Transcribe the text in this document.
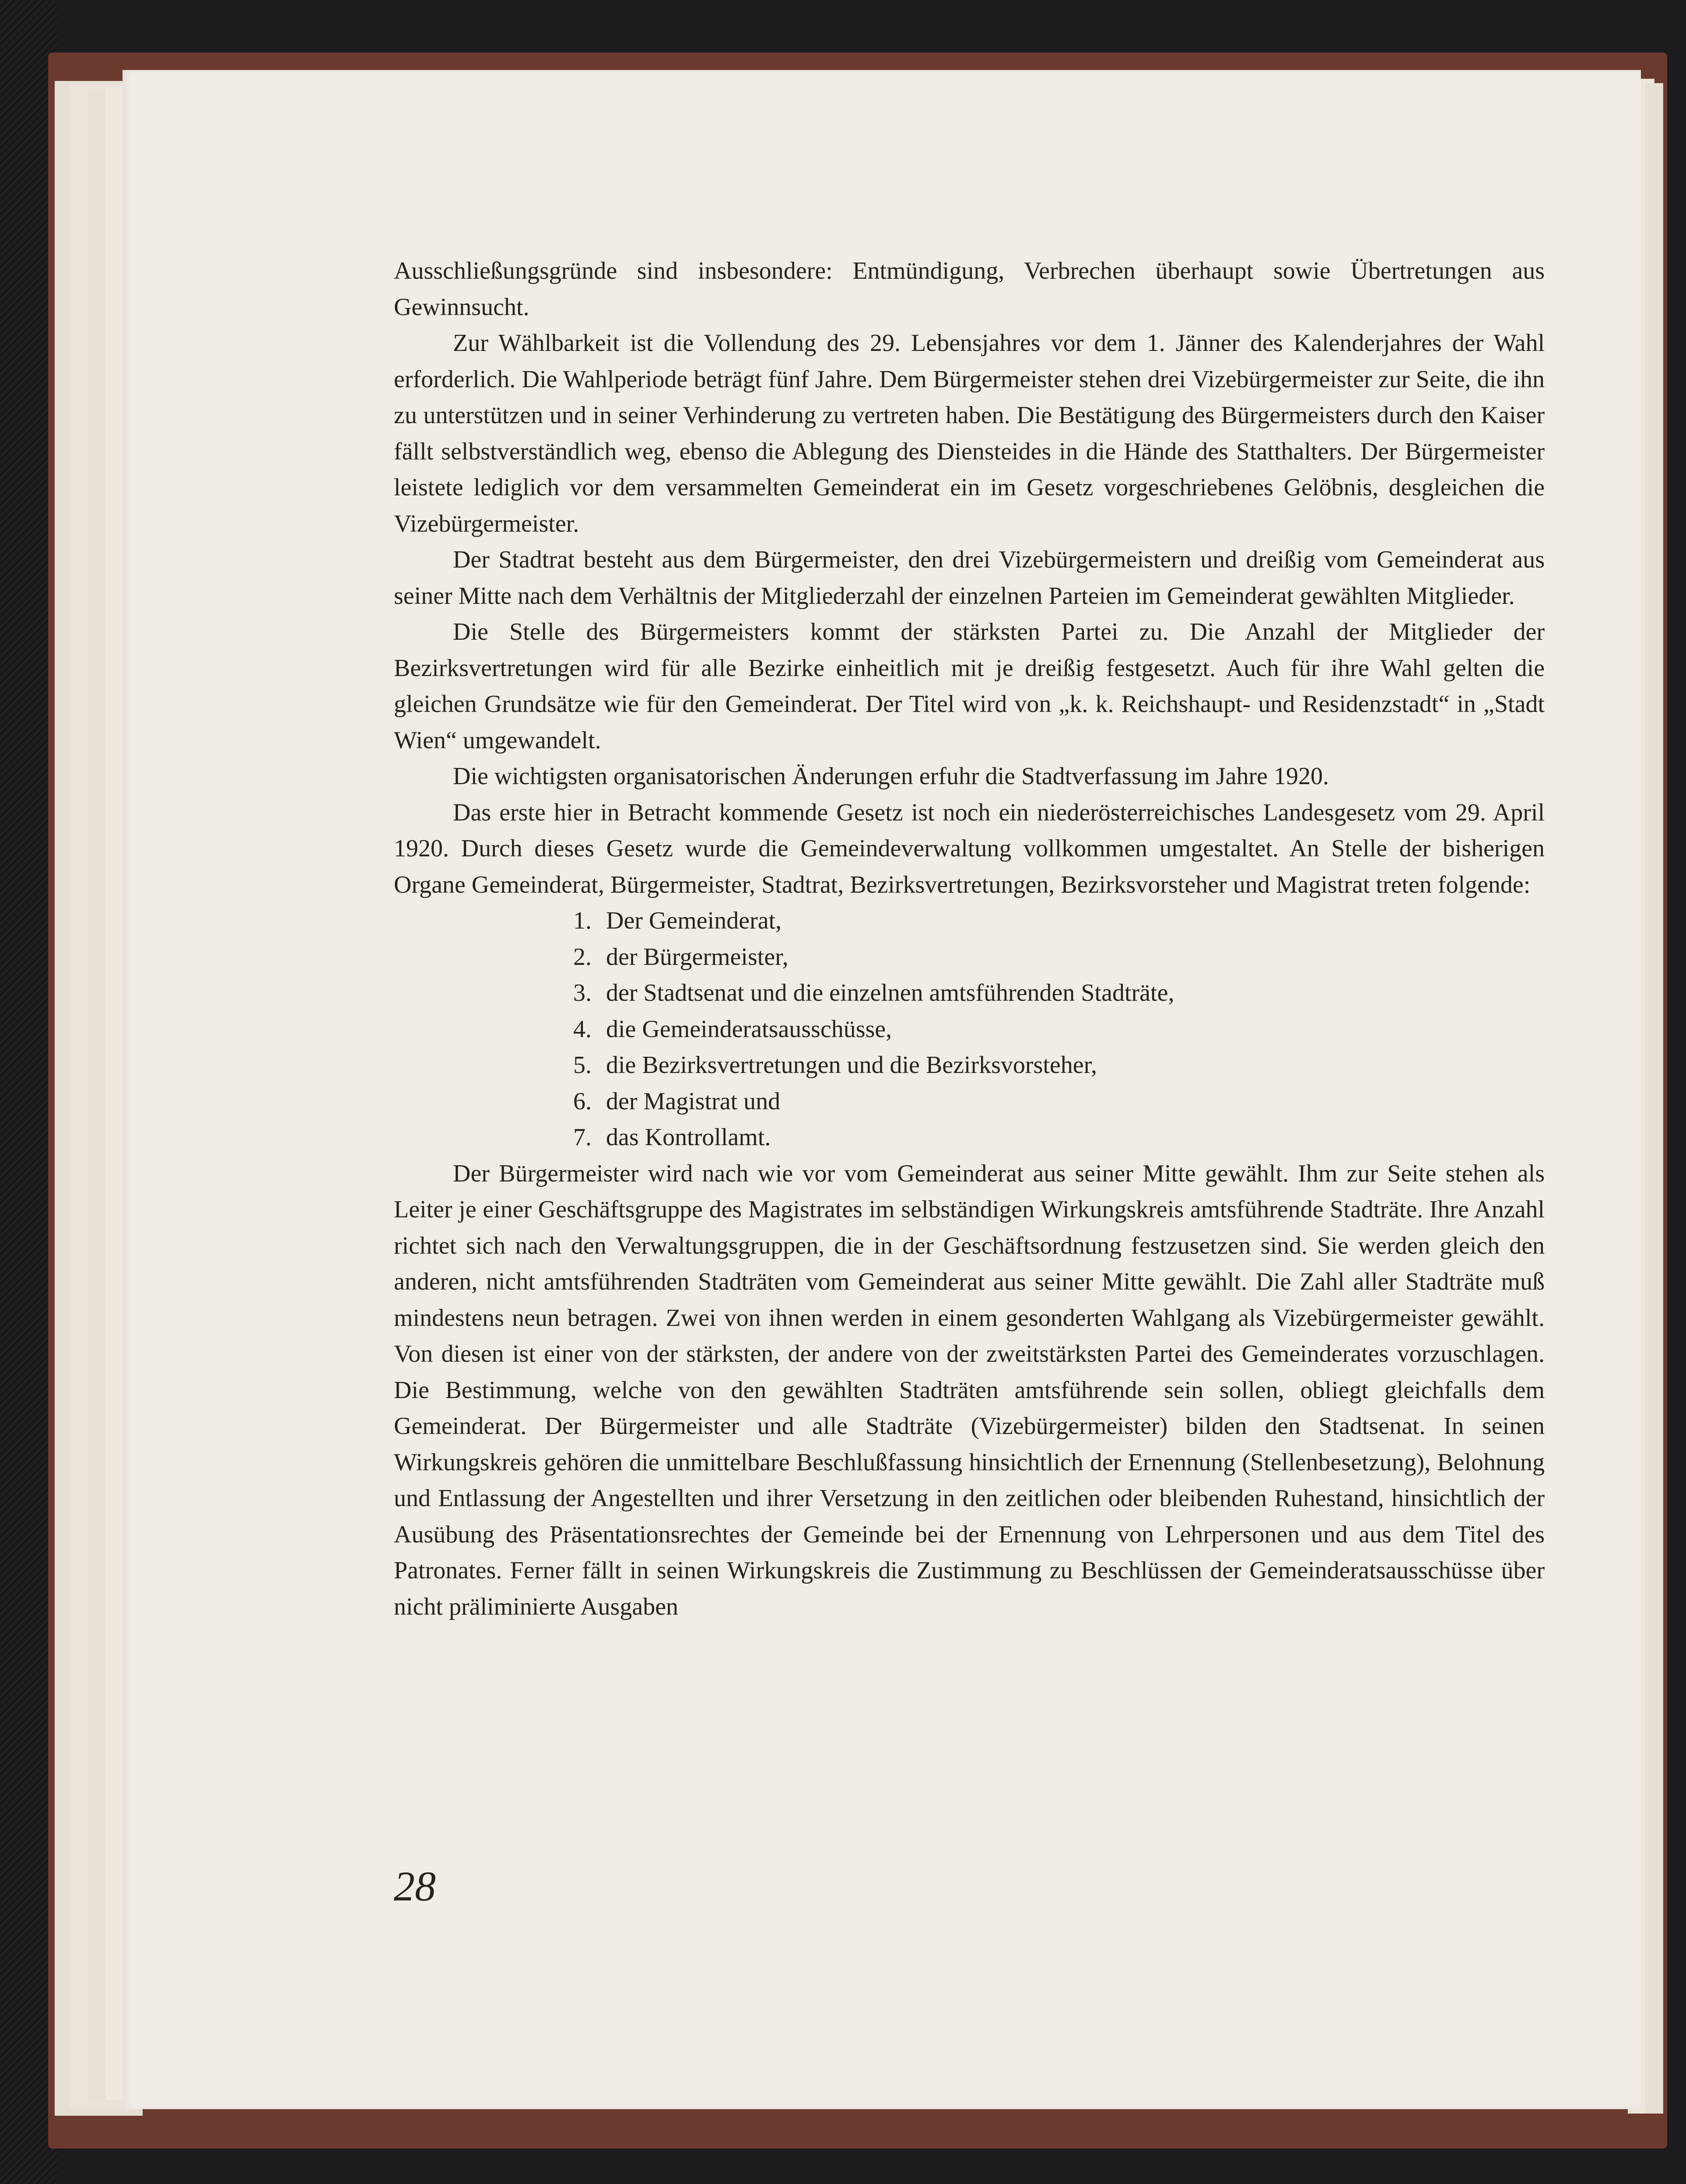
Ausschließungsgründe sind insbesondere: Entmündigung, Verbrechen überhaupt sowie Übertretungen aus Gewinnsucht.

Zur Wählbarkeit ist die Vollendung des 29. Lebensjahres vor dem 1. Jänner des Kalenderjahres der Wahl erforderlich. Die Wahlperiode beträgt fünf Jahre. Dem Bürgermeister stehen drei Vizebürgermeister zur Seite, die ihn zu unterstützen und in seiner Verhinderung zu vertreten haben. Die Bestätigung des Bürgermeisters durch den Kaiser fällt selbstverständlich weg, ebenso die Ablegung des Diensteides in die Hände des Statthalters. Der Bürgermeister leistete lediglich vor dem versammelten Gemeinderat ein im Gesetz vorgeschriebenes Gelöbnis, desgleichen die Vizebürgermeister.

Der Stadtrat besteht aus dem Bürgermeister, den drei Vizebürgermeistern und dreißig vom Gemeinderat aus seiner Mitte nach dem Verhältnis der Mitgliederzahl der einzelnen Parteien im Gemeinderat gewählten Mitglieder.

Die Stelle des Bürgermeisters kommt der stärksten Partei zu. Die Anzahl der Mitglieder der Bezirksvertretungen wird für alle Bezirke einheitlich mit je dreißig festgesetzt. Auch für ihre Wahl gelten die gleichen Grundsätze wie für den Gemeinderat. Der Titel wird von „k. k. Reichshaupt- und Residenzstadt“ in „Stadt Wien“ umgewandelt.

Die wichtigsten organisatorischen Änderungen erfuhr die Stadtverfassung im Jahre 1920.

Das erste hier in Betracht kommende Gesetz ist noch ein niederösterreichisches Landesgesetz vom 29. April 1920. Durch dieses Gesetz wurde die Gemeindeverwaltung vollkommen umgestaltet. An Stelle der bisherigen Organe Gemeinderat, Bürgermeister, Stadtrat, Bezirksvertretungen, Bezirksvorsteher und Magistrat treten folgende:

1. Der Gemeinderat,
2. der Bürgermeister,
3. der Stadtsenat und die einzelnen amtsführenden Stadträte,
4. die Gemeinderatsausschüsse,
5. die Bezirksvertretungen und die Bezirksvorsteher,
6. der Magistrat und
7. das Kontrollamt.

Der Bürgermeister wird nach wie vor vom Gemeinderat aus seiner Mitte gewählt. Ihm zur Seite stehen als Leiter je einer Geschäftsgruppe des Magistrates im selbständigen Wirkungskreis amtsführende Stadträte. Ihre Anzahl richtet sich nach den Verwaltungsgruppen, die in der Geschäftsordnung festzusetzen sind. Sie werden gleich den anderen, nicht amtsführenden Stadträten vom Gemeinderat aus seiner Mitte gewählt. Die Zahl aller Stadträte muß mindestens neun betragen. Zwei von ihnen werden in einem gesonderten Wahlgang als Vizebürgermeister gewählt. Von diesen ist einer von der stärksten, der andere von der zweitstärksten Partei des Gemeinderates vorzuschlagen. Die Bestimmung, welche von den gewählten Stadträten amtsführende sein sollen, obliegt gleichfalls dem Gemeinderat. Der Bürgermeister und alle Stadträte (Vizebürgermeister) bilden den Stadtsenat. In seinen Wirkungskreis gehören die unmittelbare Beschlußfassung hinsichtlich der Ernennung (Stellenbesetzung), Belohnung und Entlassung der Angestellten und ihrer Versetzung in den zeitlichen oder bleibenden Ruhestand, hinsichtlich der Ausübung des Präsentationsrechtes der Gemeinde bei der Ernennung von Lehrpersonen und aus dem Titel des Patronates. Ferner fällt in seinen Wirkungskreis die Zustimmung zu Beschlüssen der Gemeinderatsausschüsse über nicht präliminierte Ausgaben

28
